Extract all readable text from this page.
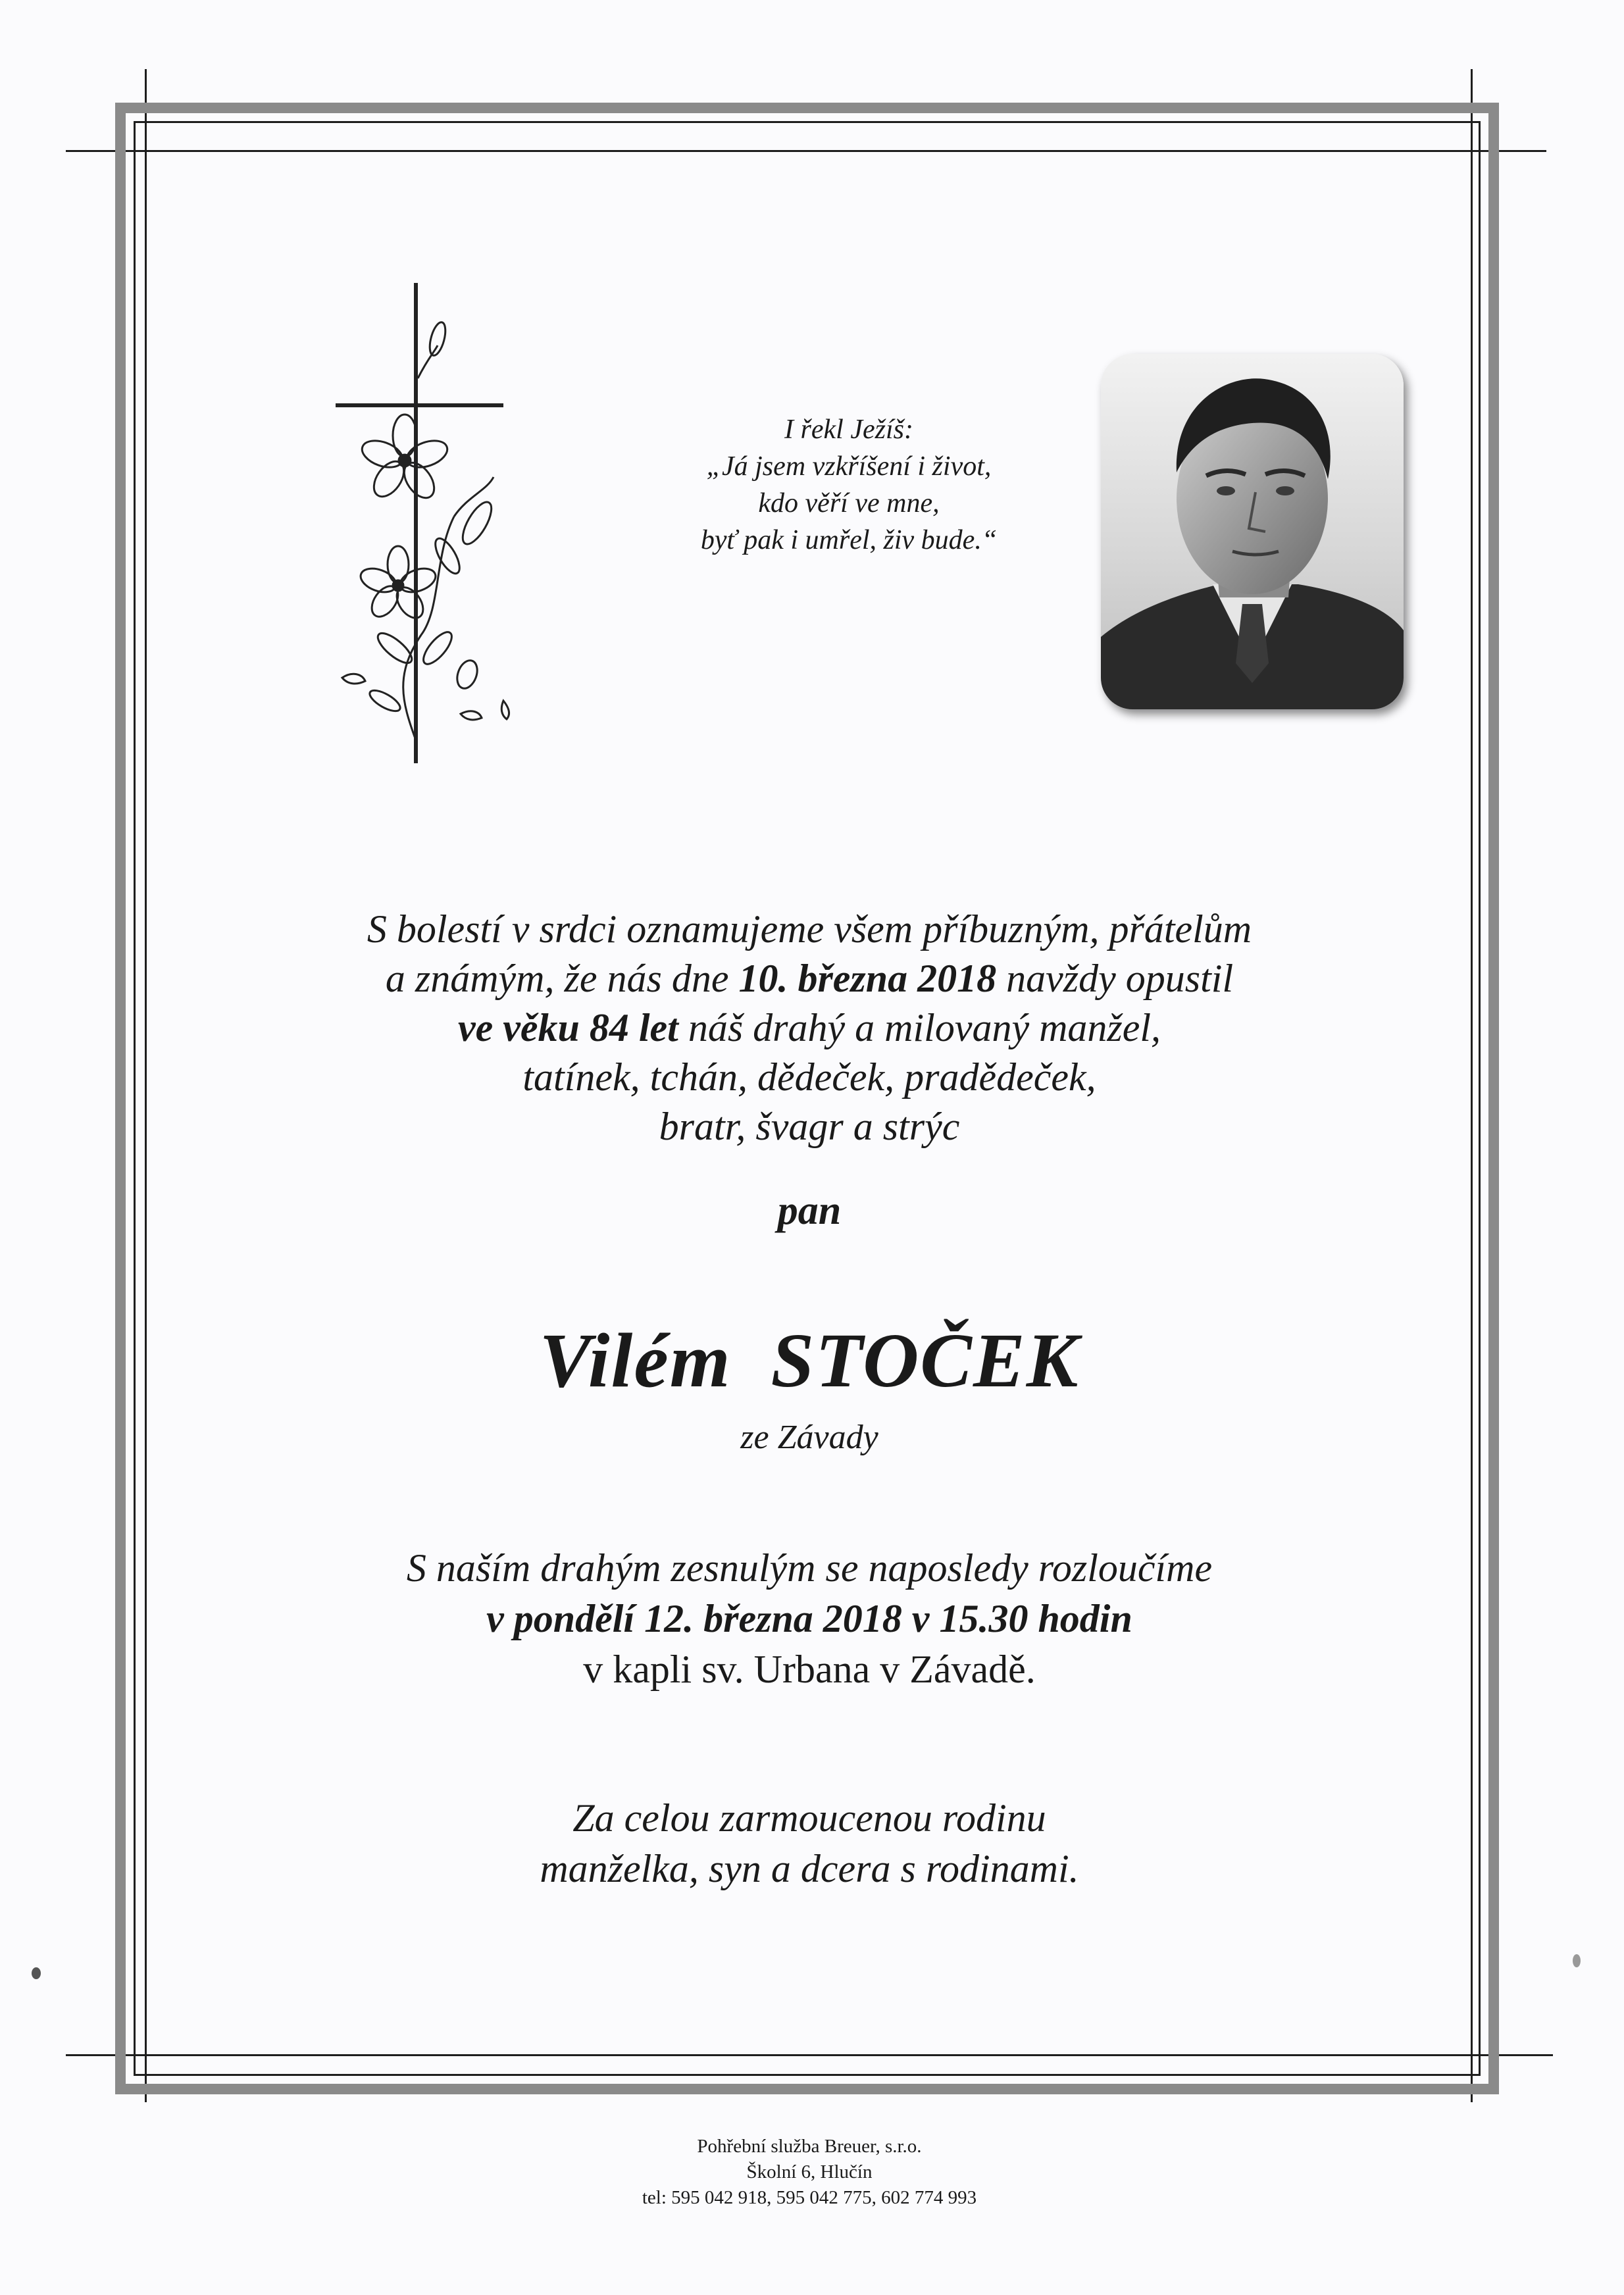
I řekl Ježíš:
„Já jsem vzkříšení i život,
kdo věří ve mne,
byť pak i umřel, živ bude.“
S bolestí v srdci oznamujeme všem příbuzným, přátelům
a známým, že nás dne 10. března 2018 navždy opustil
ve věku 84 let náš drahý a milovaný manžel,
tatínek, tchán, dědeček, pradědeček,
bratr, švagr a strýc
pan
Vilém STOČEK
ze Závady
S naším drahým zesnulým se naposledy rozloučíme
v pondělí 12. března 2018 v 15.30 hodin
v kapli sv. Urbana v Závadě.
Za celou zarmoucenou rodinu
manželka, syn a dcera s rodinami.
Pohřební služba Breuer, s.r.o.
Školní 6, Hlučín
tel: 595 042 918, 595 042 775, 602 774 993
